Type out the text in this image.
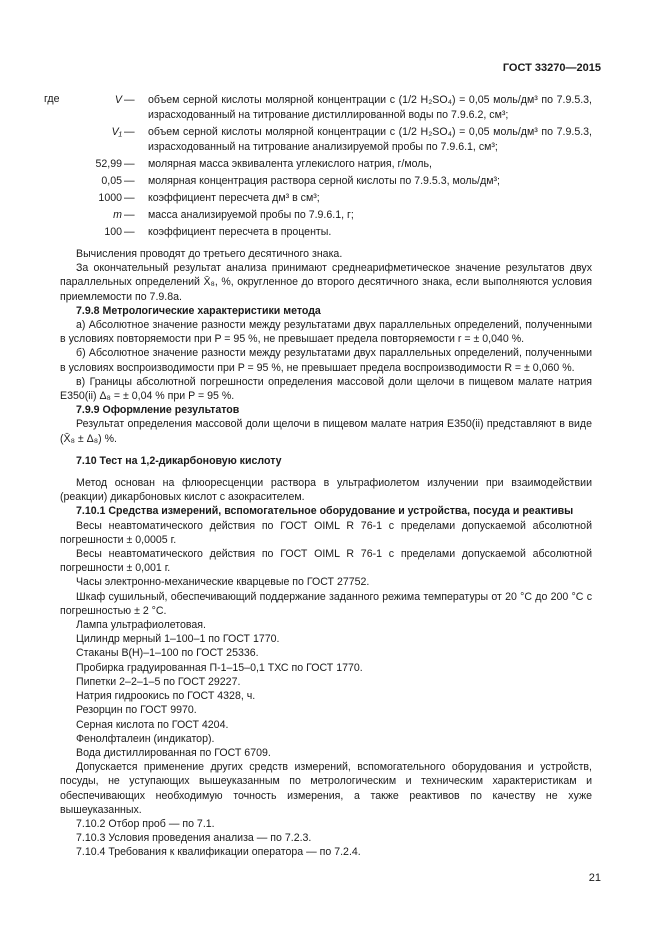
ГОСТ 33270—2015
где	V — объем серной кислоты молярной концентрации c (1/2 H₂SO₄) = 0,05 моль/дм³ по 7.9.5.3, израсходованный на титрование дистиллированной воды по 7.9.6.2, см³;
V₁ — объем серной кислоты молярной концентрации c (1/2 H₂SO₄) = 0,05 моль/дм³ по 7.9.5.3, израсходованный на титрование анализируемой пробы по 7.9.6.1, см³;
52,99 — молярная масса эквивалента углекислого натрия, г/моль,
0,05 — молярная концентрация раствора серной кислоты по 7.9.5.3, моль/дм³;
1000 — коэффициент пересчета дм³ в см³;
m — масса анализируемой пробы по 7.9.6.1, г;
100 — коэффициент пересчета в проценты.

Вычисления проводят до третьего десятичного знака.

За окончательный результат анализа принимают среднеарифметическое значение результатов двух параллельных определений X̄₈, %, округленное до второго десятичного знака, если выполняются условия приемлемости по 7.9.8а.

7.9.8 Метрологические характеристики метода

а) Абсолютное значение разности между результатами двух параллельных определений, полученными в условиях повторяемости при P = 95 %, не превышает предела повторяемости r = ± 0,040 %.

б) Абсолютное значение разности между результатами двух параллельных определений, полученными в условиях воспроизводимости при P = 95 %, не превышает предела воспроизводимости R = ± 0,060 %.

в) Границы абсолютной погрешности определения массовой доли щелочи в пищевом малате натрия Е350(ii) Δ₈ = ± 0,04 % при P = 95 %.

7.9.9 Оформление результатов

Результат определения массовой доли щелочи в пищевом малате натрия Е350(ii) представляют в виде (X̄₈ ± Δ₈) %.

7.10 Тест на 1,2-дикарбоновую кислоту

Метод основан на флюоресценции раствора в ультрафиолетом излучении при взаимодействии (реакции) дикарбоновых кислот с азокрасителем.

7.10.1 Средства измерений, вспомогательное оборудование и устройства, посуда и реактивы

Весы неавтоматического действия по ГОСТ OIML R 76-1 с пределами допускаемой абсолютной погрешности ± 0,0005 г.

Весы неавтоматического действия по ГОСТ OIML R 76-1 с пределами допускаемой абсолютной погрешности ± 0,001 г.

Часы электронно-механические кварцевые по ГОСТ 27752.

Шкаф сушильный, обеспечивающий поддержание заданного режима температуры от 20 °С до 200 °С с погрешностью ± 2 °С.

Лампа ультрафиолетовая.

Цилиндр мерный 1–100–1 по ГОСТ 1770.

Стаканы В(Н)–1–100 по ГОСТ 25336.

Пробирка градуированная П-1–15–0,1 ТХС по ГОСТ 1770.

Пипетки 2–2–1–5 по ГОСТ 29227.

Натрия гидроокись по ГОСТ 4328, ч.

Резорцин по ГОСТ 9970.

Серная кислота по ГОСТ 4204.

Фенолфталеин (индикатор).

Вода дистиллированная по ГОСТ 6709.

Допускается применение других средств измерений, вспомогательного оборудования и устройств, посуды, не уступающих вышеуказанным по метрологическим и техническим характеристикам и обеспечивающих необходимую точность измерения, а также реактивов по качеству не хуже вышеуказанных.

7.10.2 Отбор проб — по 7.1.

7.10.3 Условия проведения анализа — по 7.2.3.

7.10.4 Требования к квалификации оператора — по 7.2.4.

21
